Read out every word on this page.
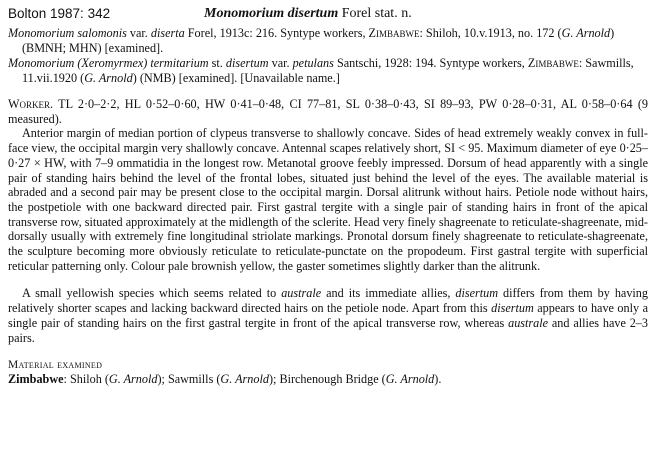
Bolton 1987: 342	Monomorium disertum Forel stat. n.

Monomorium salomonis var. diserta Forel, 1913c: 216. Syntype workers, Zimbabwe: Shiloh, 10.v.1913, no. 172 (G. Arnold) (BMNH; MHN) [examined].

Monomorium (Xeromyrmex) termitarium st. disertum var. petulans Santschi, 1928: 194. Syntype workers, Zimbabwe: Sawmills, 11.vii.1920 (G. Arnold) (NMB) [examined]. [Unavailable name.]

Worker. TL 2·0–2·2, HL 0·52–0·60, HW 0·41–0·48, CI 77–81, SL 0·38–0·43, SI 89–93, PW 0·28–0·31, AL 0·58–0·64 (9 measured).

Anterior margin of median portion of clypeus transverse to shallowly concave. Sides of head extremely weakly convex in full-face view, the occipital margin very shallowly concave. Antennal scapes relatively short, SI < 95. Maximum diameter of eye 0·25–0·27 × HW, with 7–9 ommatidia in the longest row. Metanotal groove feebly impressed. Dorsum of head apparently with a single pair of standing hairs behind the level of the frontal lobes, situated just behind the level of the eyes. The available material is abraded and a second pair may be present close to the occipital margin. Dorsal alitrunk without hairs. Petiole node without hairs, the postpetiole with one backward directed pair. First gastral tergite with a single pair of standing hairs in front of the apical transverse row, situated approximately at the midlength of the sclerite. Head very finely shagreenate to reticulate-shagreenate, mid-dorsally usually with extremely fine longitudinal striolate markings. Pronotal dorsum finely shagreenate to reticulate-shagreenate, the sculpture becoming more obviously reticulate to reticulate-punctate on the propodeum. First gastral tergite with superficial reticular patterning only. Colour pale brownish yellow, the gaster sometimes slightly darker than the alitrunk.

A small yellowish species which seems related to australe and its immediate allies, disertum differs from them by having relatively shorter scapes and lacking backward directed hairs on the petiole node. Apart from this disertum appears to have only a single pair of standing hairs on the first gastral tergite in front of the apical transverse row, whereas australe and allies have 2–3 pairs.

Material examined

Zimbabwe: Shiloh (G. Arnold); Sawmills (G. Arnold); Birchenough Bridge (G. Arnold).
